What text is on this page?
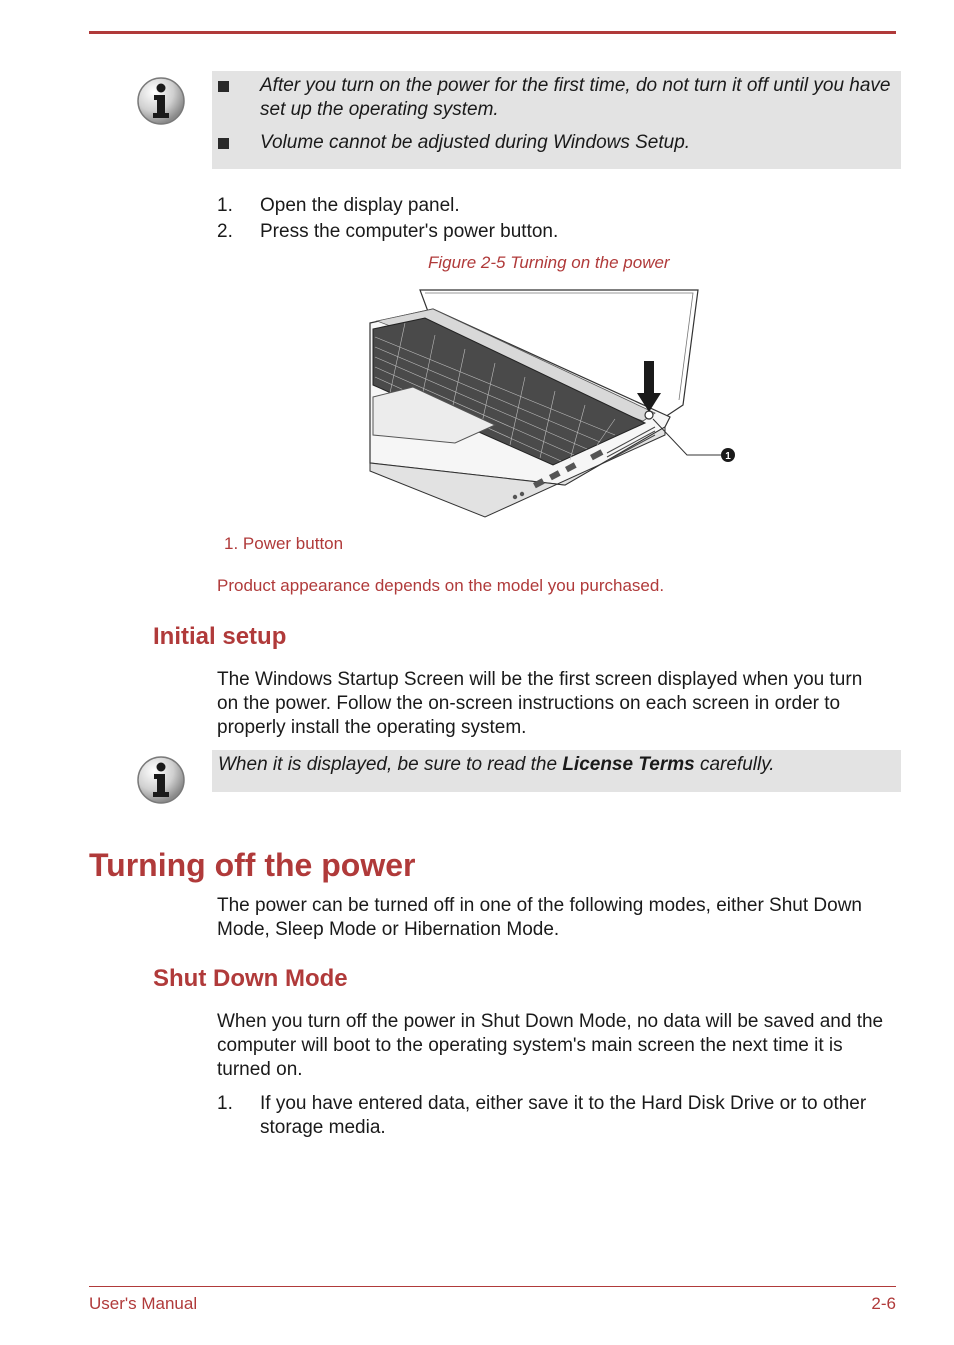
After you turn on the power for the first time, do not turn it off until you have set up the operating system.
Volume cannot be adjusted during Windows Setup.
1.	Open the display panel.
2.	Press the computer's power button.
Figure 2-5 Turning on the power
1
1. Power button
Product appearance depends on the model you purchased.
Initial setup
The Windows Startup Screen will be the first screen displayed when you turn on the power. Follow the on-screen instructions on each screen in order to properly install the operating system.
When it is displayed, be sure to read the License Terms carefully.
Turning off the power
The power can be turned off in one of the following modes, either Shut Down Mode, Sleep Mode or Hibernation Mode.
Shut Down Mode
When you turn off the power in Shut Down Mode, no data will be saved and the computer will boot to the operating system's main screen the next time it is turned on.
1.	If you have entered data, either save it to the Hard Disk Drive or to other storage media.
User's Manual	2-6
